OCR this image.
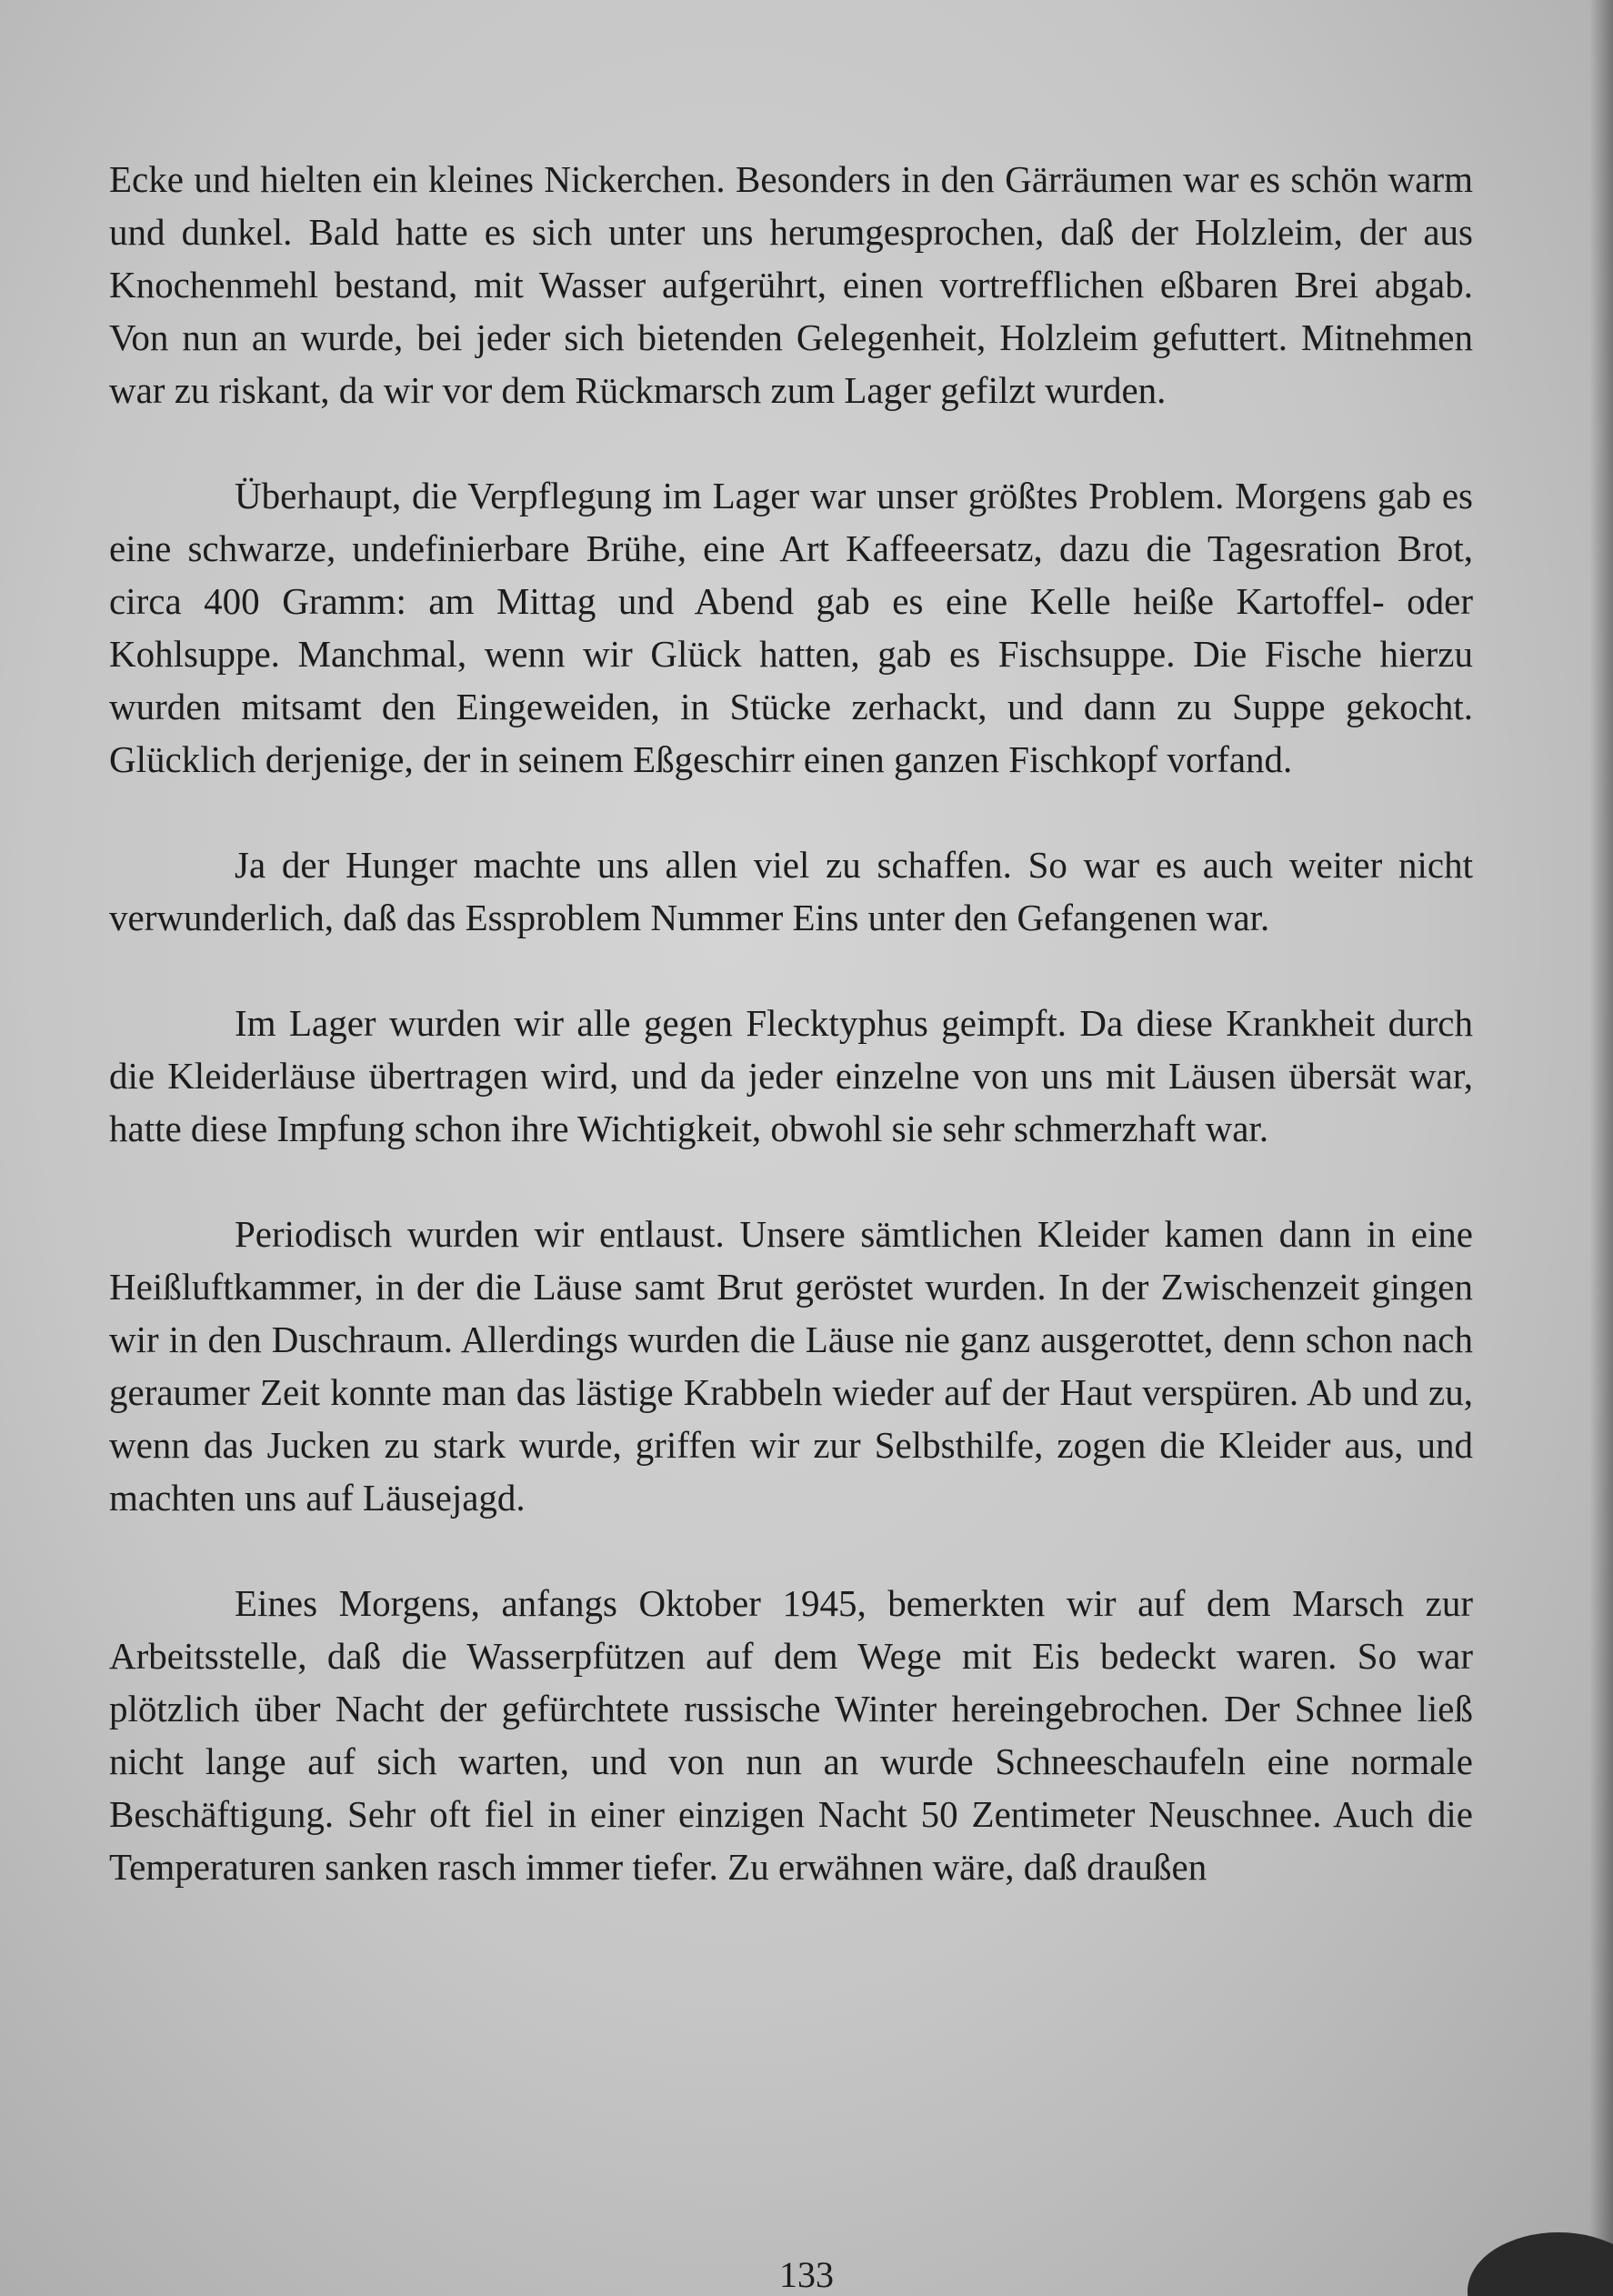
Ecke und hielten ein kleines Nickerchen. Besonders in den Gärräumen war es schön warm und dunkel. Bald hatte es sich unter uns herumgesprochen, daß der Holzleim, der aus Knochenmehl bestand, mit Wasser aufgerührt, einen vortrefflichen eßbaren Brei abgab. Von nun an wurde, bei jeder sich bietenden Gelegenheit, Holzleim gefuttert. Mitnehmen war zu riskant, da wir vor dem Rückmarsch zum Lager gefilzt wurden.

Überhaupt, die Verpflegung im Lager war unser größtes Problem. Morgens gab es eine schwarze, undefinierbare Brühe, eine Art Kaffeeersatz, dazu die Tagesration Brot, circa 400 Gramm: am Mittag und Abend gab es eine Kelle heiße Kartoffel- oder Kohlsuppe. Manchmal, wenn wir Glück hatten, gab es Fischsuppe. Die Fische hierzu wurden mitsamt den Eingeweiden, in Stücke zerhackt, und dann zu Suppe gekocht. Glücklich derjenige, der in seinem Eßgeschirr einen ganzen Fischkopf vorfand.

Ja der Hunger machte uns allen viel zu schaffen. So war es auch weiter nicht verwunderlich, daß das Essproblem Nummer Eins unter den Gefangenen war.

Im Lager wurden wir alle gegen Flecktyphus geimpft. Da diese Krankheit durch die Kleiderläuse übertragen wird, und da jeder einzelne von uns mit Läusen übersät war, hatte diese Impfung schon ihre Wichtigkeit, obwohl sie sehr schmerzhaft war.

Periodisch wurden wir entlaust. Unsere sämtlichen Kleider kamen dann in eine Heißluftkammer, in der die Läuse samt Brut geröstet wurden. In der Zwischenzeit gingen wir in den Duschraum. Allerdings wurden die Läuse nie ganz ausgerottet, denn schon nach geraumer Zeit konnte man das lästige Krabbeln wieder auf der Haut verspüren. Ab und zu, wenn das Jucken zu stark wurde, griffen wir zur Selbsthilfe, zogen die Kleider aus, und machten uns auf Läusejagd.

Eines Morgens, anfangs Oktober 1945, bemerkten wir auf dem Marsch zur Arbeitsstelle, daß die Wasserpfützen auf dem Wege mit Eis bedeckt waren. So war plötzlich über Nacht der gefürchtete russische Winter hereingebrochen. Der Schnee ließ nicht lange auf sich warten, und von nun an wurde Schneeschaufeln eine normale Beschäftigung. Sehr oft fiel in einer einzigen Nacht 50 Zentimeter Neuschnee. Auch die Temperaturen sanken rasch immer tiefer. Zu erwähnen wäre, daß draußen

133
